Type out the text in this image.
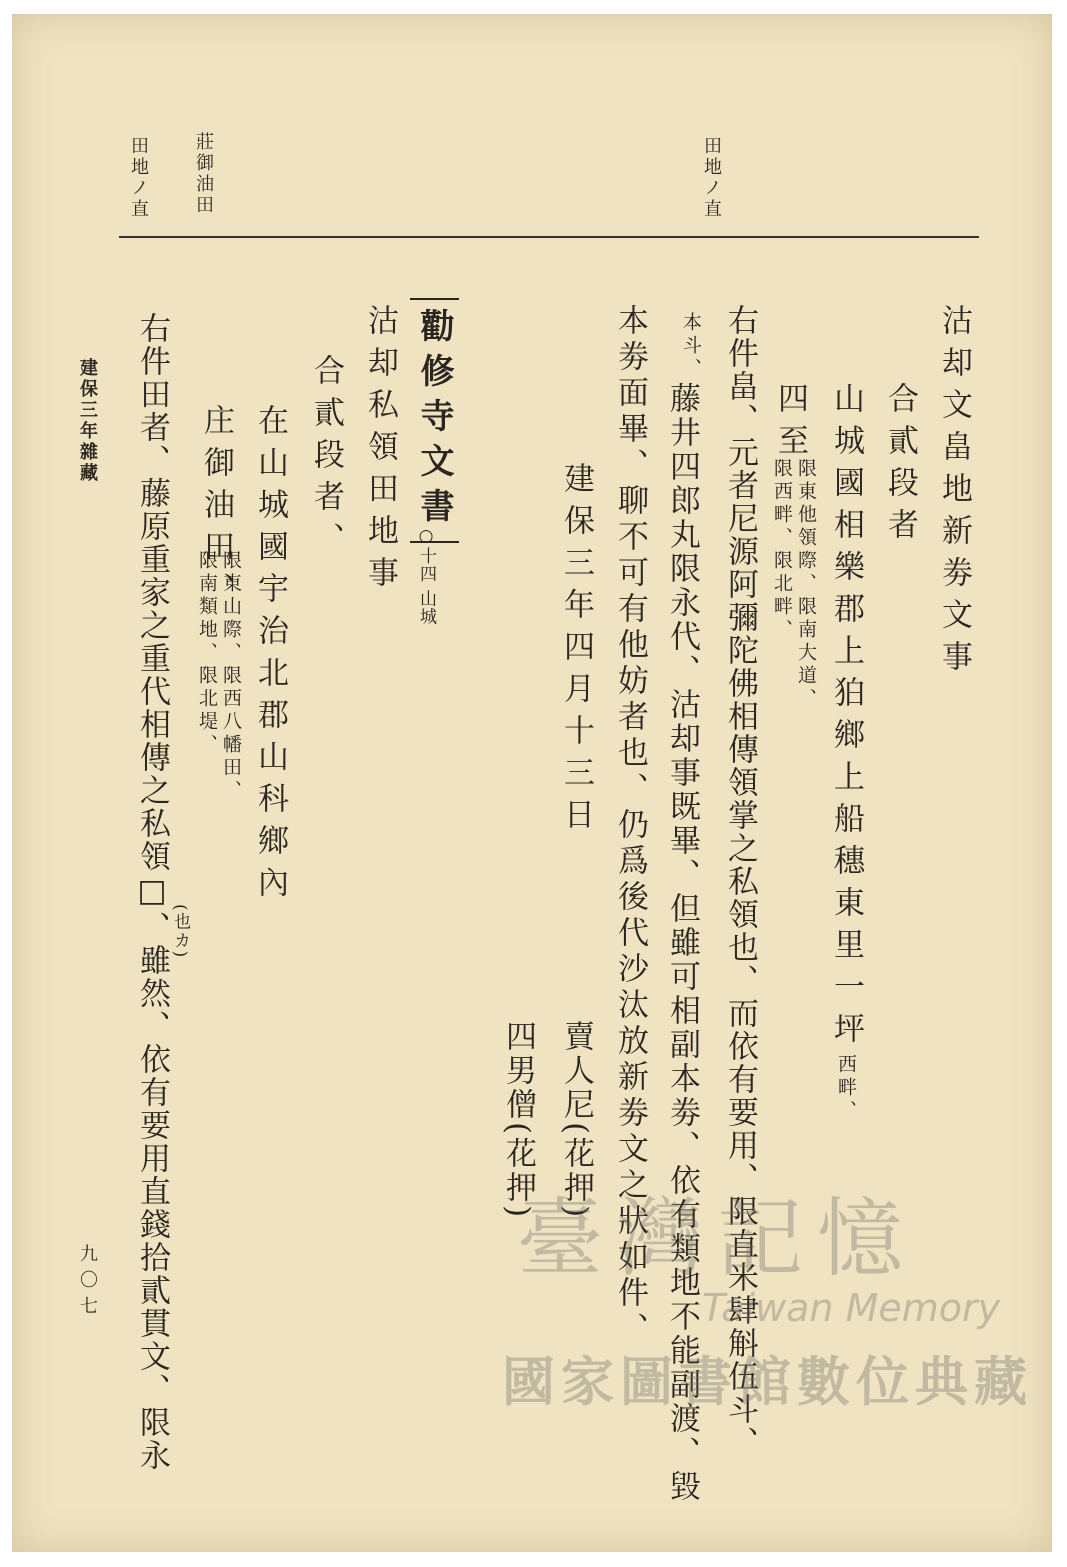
田地ノ直
莊御油田
田地ノ直
沽却文畠地新劵文事
合貳段者
山城國相樂郡上狛鄉上船穗東里一坪西畔、
四至
限東他領際、限南大道、
限西畔、限北畔、
右件畠、元者尼源阿彌陀佛相傳領掌之私領也、而依有要用、限直米肆斛伍斗、
本斗、
藤井四郎丸限永代、沽却事既畢、但雖可相副本劵、依有類地不能副渡、毀
本劵面畢、聊不可有他妨者也、仍爲後代沙汰放新劵文之狀如件、
建保三年四月十三日
賣人尼(花押)
四男僧(花押)
勸修寺文書
○十四 山城
沽却私領田地事
合貳段者、
在山城國宇治北郡山科鄉內
庄御油田、
限東山際、限西八幡田、
限南類地、限北堤、
(也カ)
右件田者、藤原重家之重代相傳之私領□、雖然、依有要用直錢拾貳貫文、限永
建保三年雜藏
九〇七	臺灣記憶
Taiwan Memory
國家圖書館數位典藏
